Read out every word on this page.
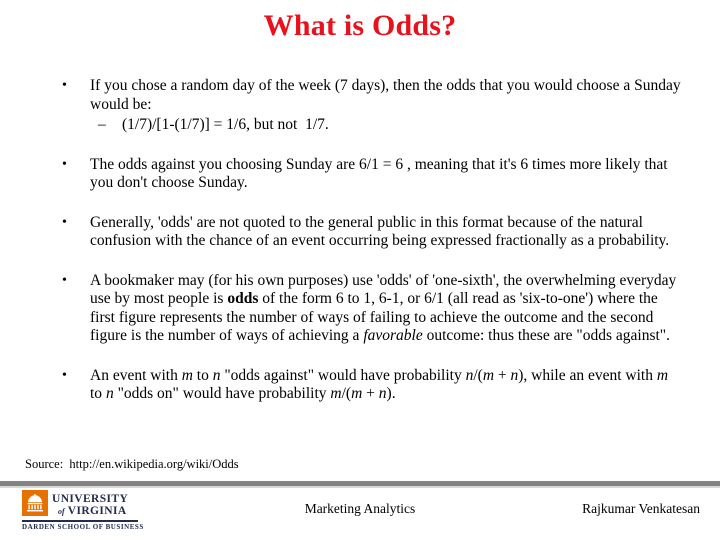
What is Odds?
•	If you chose a random day of the week (7 days), then the odds that you would choose a Sunday would be:
–	(1/7)/[1-(1/7)] = 1/6, but not  1/7.
•	The odds against you choosing Sunday are 6/1 = 6 , meaning that it's 6 times more likely that you don't choose Sunday.
•	Generally, 'odds' are not quoted to the general public in this format because of the natural confusion with the chance of an event occurring being expressed fractionally as a probability.
•	A bookmaker may (for his own purposes) use 'odds' of 'one-sixth', the overwhelming everyday use by most people is odds of the form 6 to 1, 6-1, or 6/1 (all read as 'six-to-one') where the first figure represents the number of ways of failing to achieve the outcome and the second figure is the number of ways of achieving a favorable outcome: thus these are "odds against".
•	An event with m to n "odds against" would have probability n/(m + n), while an event with m to n "odds on" would have probability m/(m + n).
Source:  http://en.wikipedia.org/wiki/Odds
UNIVERSITY
of VIRGINIA
DARDEN SCHOOL OF BUSINESS
Marketing Analytics	Rajkumar Venkatesan
